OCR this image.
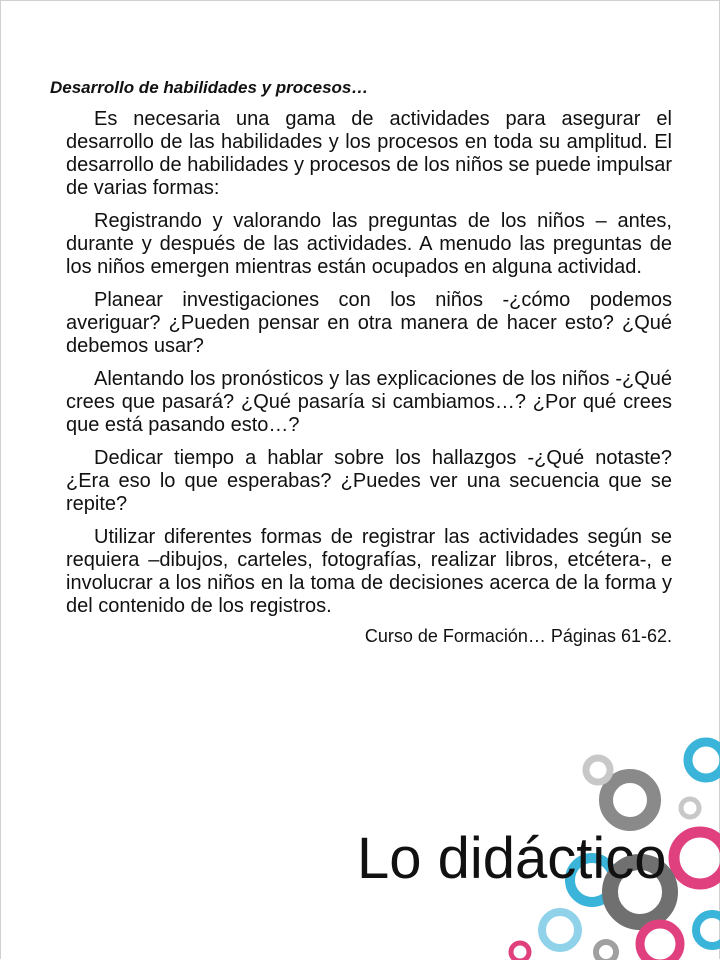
Desarrollo de habilidades y procesos…

Es necesaria una gama de actividades para asegurar el desarrollo de las habilidades y los procesos en toda su amplitud. El desarrollo de habilidades y procesos de los niños se puede impulsar de varias formas:

Registrando y valorando las preguntas de los niños – antes, durante y después de las actividades. A menudo las preguntas de los niños emergen mientras están ocupados en alguna actividad.

Planear investigaciones con los niños -¿cómo podemos averiguar? ¿Pueden pensar en otra manera de hacer esto? ¿Qué debemos usar?

Alentando los pronósticos y las explicaciones de los niños -¿Qué crees que pasará? ¿Qué pasaría si cambiamos…? ¿Por qué crees que está pasando esto…?

Dedicar tiempo a hablar sobre los hallazgos -¿Qué notaste? ¿Era eso lo que esperabas? ¿Puedes ver una secuencia que se repite?

Utilizar diferentes formas de registrar las actividades según se requiera –dibujos, carteles, fotografías, realizar libros, etcétera-, e involucrar a los niños en la toma de decisiones acerca de la forma y del contenido de los registros.

Curso de Formación… Páginas 61-62.
Lo didáctico
